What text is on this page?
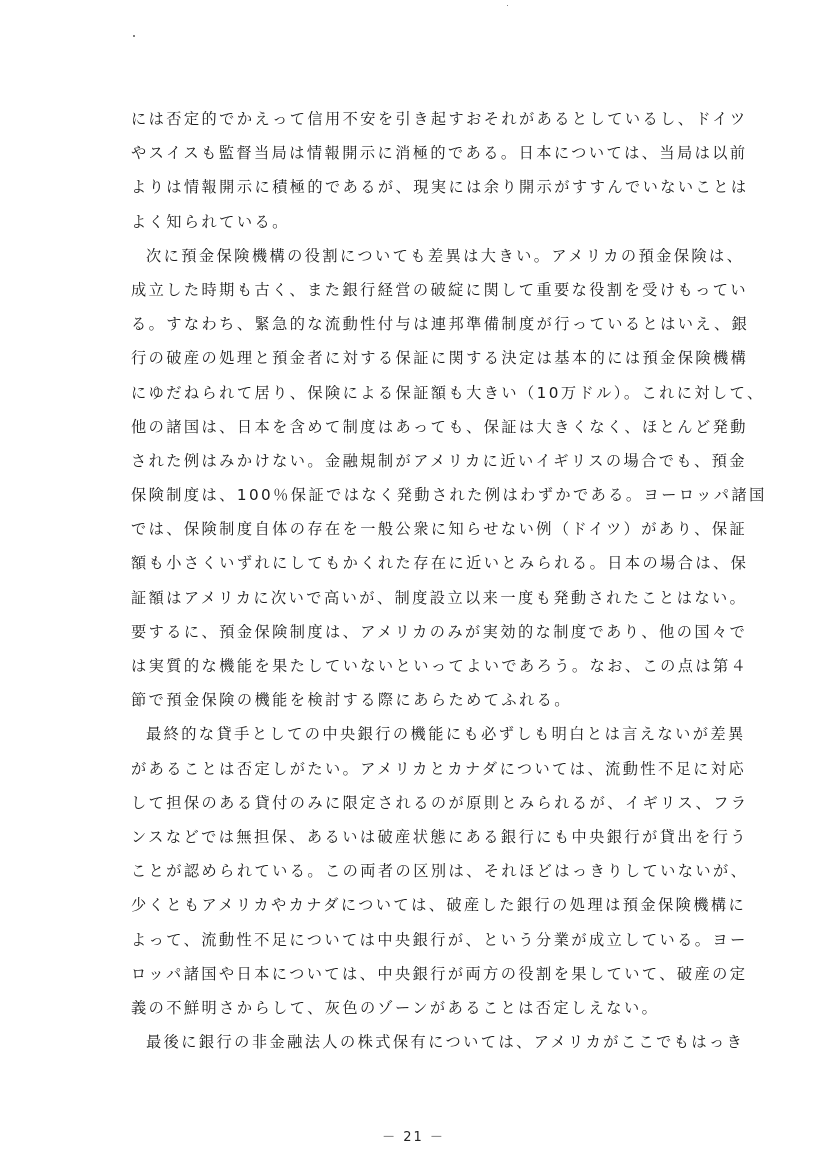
には否定的でかえって信用不安を引き起すおそれがあるとしているし、ドイツ
やスイスも監督当局は情報開示に消極的である。日本については、当局は以前
よりは情報開示に積極的であるが、現実には余り開示がすすんでいないことは
よく知られている。
次に預金保険機構の役割についても差異は大きい。アメリカの預金保険は、
成立した時期も古く、また銀行経営の破綻に関して重要な役割を受けもってい
る。すなわち、緊急的な流動性付与は連邦準備制度が行っているとはいえ、銀
行の破産の処理と預金者に対する保証に関する決定は基本的には預金保険機構
にゆだねられて居り、保険による保証額も大きい（10万ドル）。これに対して、
他の諸国は、日本を含めて制度はあっても、保証は大きくなく、ほとんど発動
された例はみかけない。金融規制がアメリカに近いイギリスの場合でも、預金
保険制度は、100％保証ではなく発動された例はわずかである。ヨーロッパ諸国
では、保険制度自体の存在を一般公衆に知らせない例（ドイツ）があり、保証
額も小さくいずれにしてもかくれた存在に近いとみられる。日本の場合は、保
証額はアメリカに次いで高いが、制度設立以来一度も発動されたことはない。
要するに、預金保険制度は、アメリカのみが実効的な制度であり、他の国々で
は実質的な機能を果たしていないといってよいであろう。なお、この点は第４
節で預金保険の機能を検討する際にあらためてふれる。
最終的な貸手としての中央銀行の機能にも必ずしも明白とは言えないが差異
があることは否定しがたい。アメリカとカナダについては、流動性不足に対応
して担保のある貸付のみに限定されるのが原則とみられるが、イギリス、フラ
ンスなどでは無担保、あるいは破産状態にある銀行にも中央銀行が貸出を行う
ことが認められている。この両者の区別は、それほどはっきりしていないが、
少くともアメリカやカナダについては、破産した銀行の処理は預金保険機構に
よって、流動性不足については中央銀行が、という分業が成立している。ヨー
ロッパ諸国や日本については、中央銀行が両方の役割を果していて、破産の定
義の不鮮明さからして、灰色のゾーンがあることは否定しえない。
最後に銀行の非金融法人の株式保有については、アメリカがここでもはっき
－ 21 －
